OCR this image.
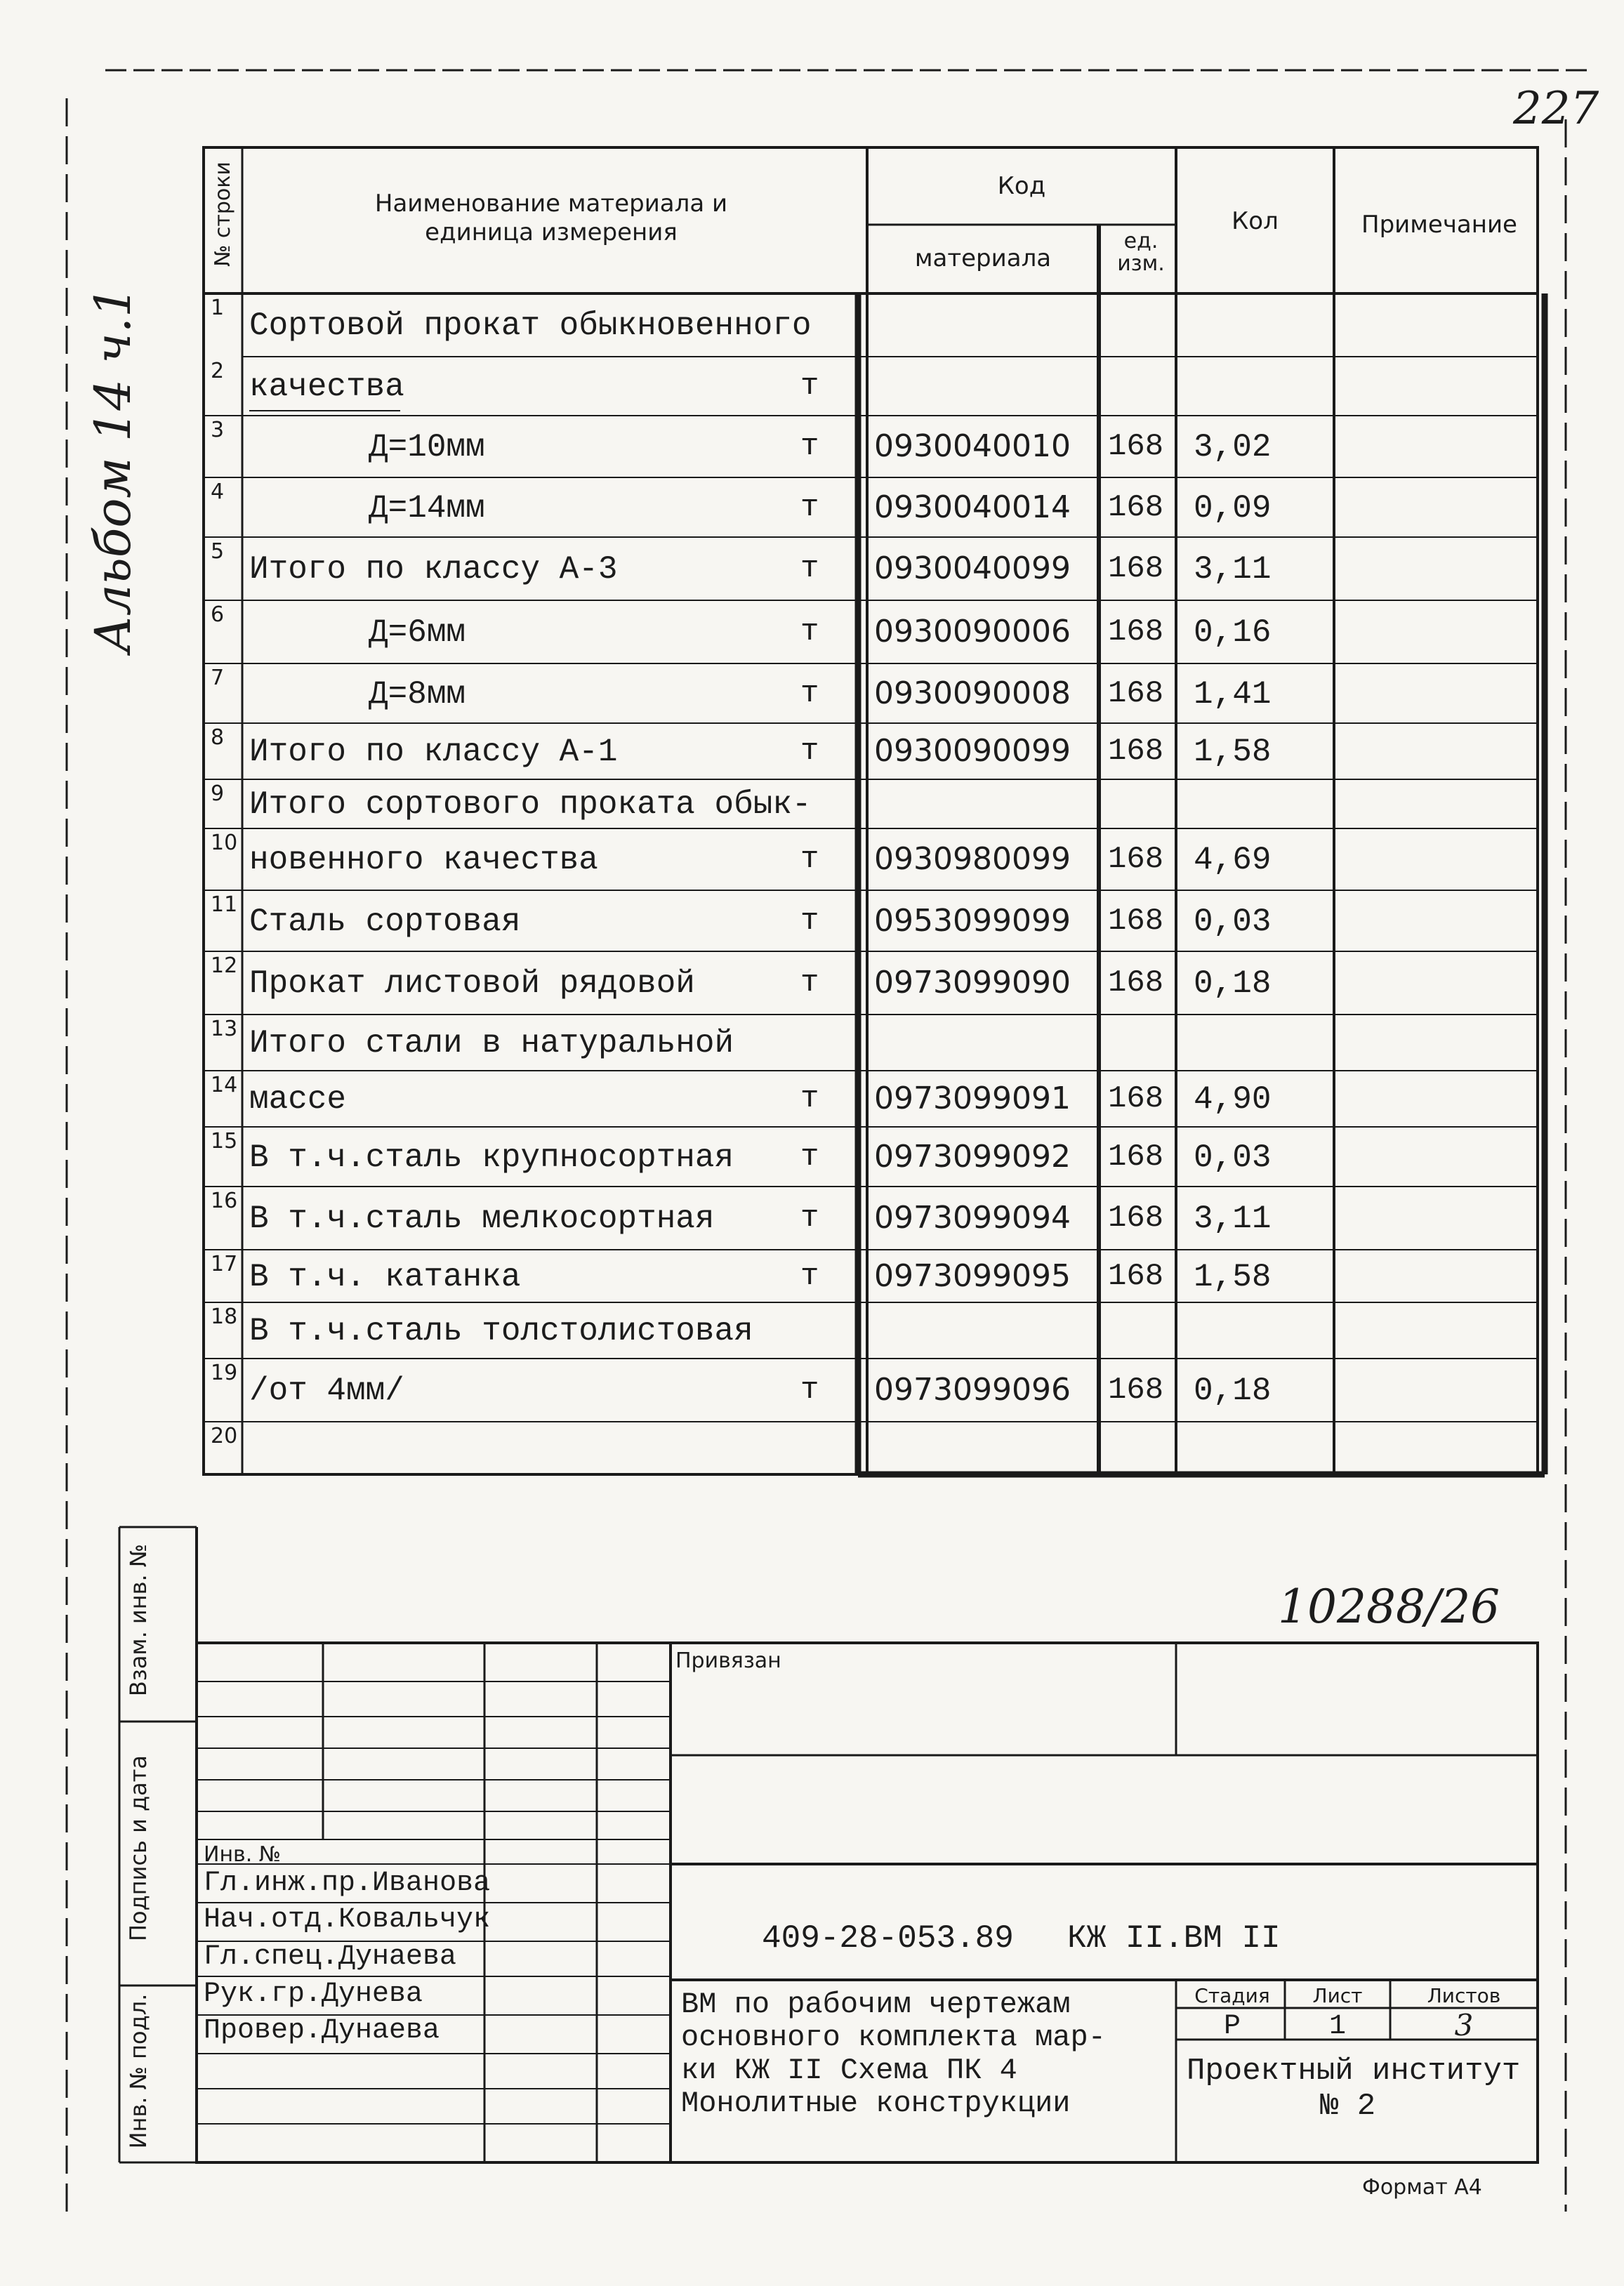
227
Альбом 14 ч.1
№ строки	Наименование материала и единица измерения
Код
материала
ед. изм.
Кол	Примечание
1 Сортовой прокат обыкновенного
2 качества	т
3	Д=10мм	т 0930040010 168 3,02
4	Д=14мм	т 0930040014 168 0,09
5 Итого по классу А-3	т 0930040099 168 3,11
6	Д=6мм	т 0930090006 168 0,16
7	Д=8мм	т 0930090008 168 1,41
8 Итого по классу А-1	т 0930090099 168 1,58
9 Итого сортового проката обык-
10 новенного качества	т 0930980099 168 4,69
11 Сталь сортовая	т 0953099099 168 0,03
12 Прокат листовой рядовой	т 0973099090 168 0,18
13 Итого стали в натуральной
14 массе	т 0973099091 168 4,90
15 В т.ч.сталь крупносортная т 0973099092 168 0,03
16 В т.ч.сталь мелкосортная	т 0973099094 168 3,11
17 В т.ч. катанка	т 0973099095 168 1,58
18 В т.ч.сталь толстолистовая
19 /от 4мм/	т 0973099096 168 0,18
20
Взам. инв. №
Подпись и дата
Инв. № подл.
10288/26
Привязан
Инв. №
Гл.инж.пр.Иванова
Нач.отд.Ковальчук
Гл.спец.Дунаева
Рук.гр.Дунева
Провер.Дунаева
409-28-053.89 КЖ II.ВМ II
ВМ по рабочим чертежам
основного комплекта мар-
ки КЖ II Схема ПК 4
Монолитные конструкции
Стадия	Лист	Листов
Р	1	3
Проектный институт
№ 2
Формат А4
